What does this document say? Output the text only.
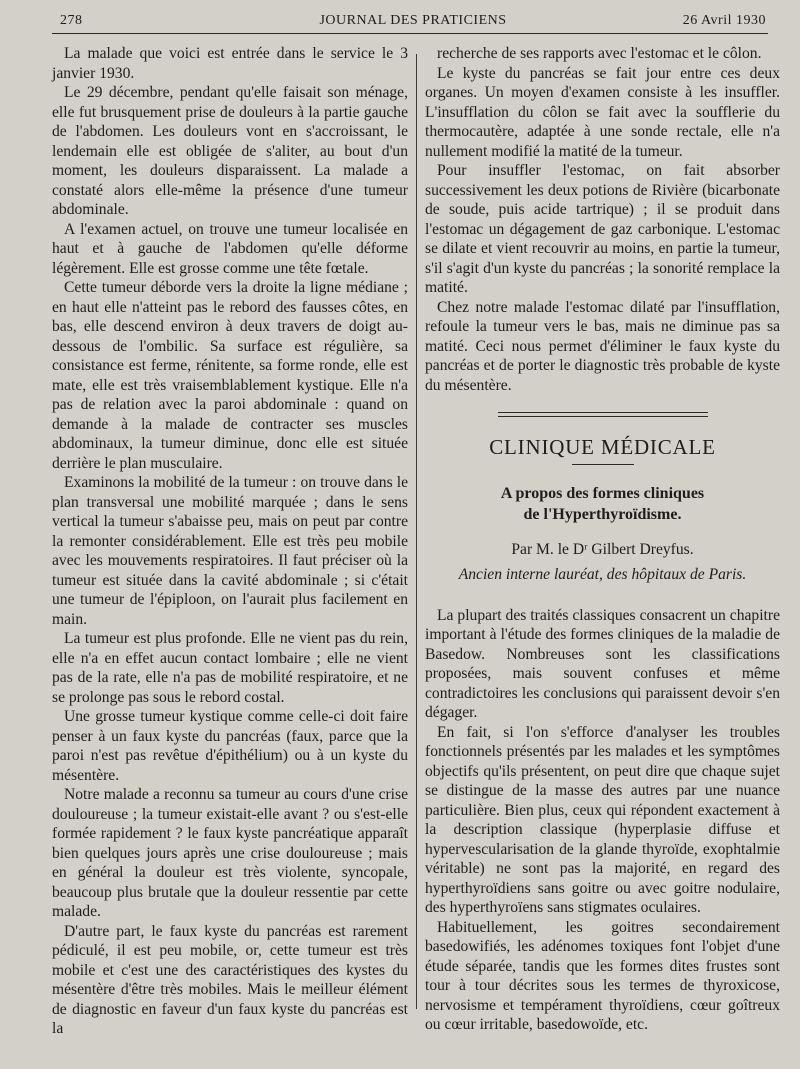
278	JOURNAL DES PRATICIENS	26 Avril 1930

La malade que voici est entrée dans le service le 3 janvier 1930.

Le 29 décembre, pendant qu'elle faisait son ménage, elle fut brusquement prise de douleurs à la partie gauche de l'abdomen. Les douleurs vont en s'accroissant, le lendemain elle est obligée de s'aliter, au bout d'un moment, les douleurs disparaissent. La malade a constaté alors elle-même la présence d'une tumeur abdominale.

A l'examen actuel, on trouve une tumeur localisée en haut et à gauche de l'abdomen qu'elle déforme légèrement. Elle est grosse comme une tête fœtale.

Cette tumeur déborde vers la droite la ligne médiane ; en haut elle n'atteint pas le rebord des fausses côtes, en bas, elle descend environ à deux travers de doigt au-dessous de l'ombilic. Sa surface est régulière, sa consistance est ferme, rénitente, sa forme ronde, elle est mate, elle est très vraisemblablement kystique. Elle n'a pas de relation avec la paroi abdominale : quand on demande à la malade de contracter ses muscles abdominaux, la tumeur diminue, donc elle est située derrière le plan musculaire.

Examinons la mobilité de la tumeur : on trouve dans le plan transversal une mobilité marquée ; dans le sens vertical la tumeur s'abaisse peu, mais on peut par contre la remonter considérablement. Elle est très peu mobile avec les mouvements respiratoires. Il faut préciser où la tumeur est située dans la cavité abdominale ; si c'était une tumeur de l'épiploon, on l'aurait plus facilement en main.

La tumeur est plus profonde. Elle ne vient pas du rein, elle n'a en effet aucun contact lombaire ; elle ne vient pas de la rate, elle n'a pas de mobilité respiratoire, et ne se prolonge pas sous le rebord costal.

Une grosse tumeur kystique comme celle-ci doit faire penser à un faux kyste du pancréas (faux, parce que la paroi n'est pas revêtue d'épithélium) ou à un kyste du mésentère.

Notre malade a reconnu sa tumeur au cours d'une crise douloureuse ; la tumeur existait-elle avant ? ou s'est-elle formée rapidement ? le faux kyste pancréatique apparaît bien quelques jours après une crise douloureuse ; mais en général la douleur est très violente, syncopale, beaucoup plus brutale que la douleur ressentie par cette malade.

D'autre part, le faux kyste du pancréas est rarement pédiculé, il est peu mobile, or, cette tumeur est très mobile et c'est une des caractéristiques des kystes du mésentère d'être très mobiles. Mais le meilleur élément de diagnostic en faveur d'un faux kyste du pancréas est la

recherche de ses rapports avec l'estomac et le côlon.

Le kyste du pancréas se fait jour entre ces deux organes. Un moyen d'examen consiste à les insuffler. L'insufflation du côlon se fait avec la soufflerie du thermocautère, adaptée à une sonde rectale, elle n'a nullement modifié la matité de la tumeur.

Pour insuffler l'estomac, on fait absorber successivement les deux potions de Rivière (bicarbonate de soude, puis acide tartrique) ; il se produit dans l'estomac un dégagement de gaz carbonique. L'estomac se dilate et vient recouvrir au moins, en partie la tumeur, s'il s'agit d'un kyste du pancréas ; la sonorité remplace la matité.

Chez notre malade l'estomac dilaté par l'insufflation, refoule la tumeur vers le bas, mais ne diminue pas sa matité. Ceci nous permet d'éliminer le faux kyste du pancréas et de porter le diagnostic très probable de kyste du mésentère.

CLINIQUE MÉDICALE
A propos des formes cliniques
de l'Hyperthyroïdisme.
Par M. le Dʳ Gilbert Dreyfus.
Ancien interne lauréat, des hôpitaux de Paris.

La plupart des traités classiques consacrent un chapitre important à l'étude des formes cliniques de la maladie de Basedow. Nombreuses sont les classifications proposées, mais souvent confuses et même contradictoires les conclusions qui paraissent devoir s'en dégager.

En fait, si l'on s'efforce d'analyser les troubles fonctionnels présentés par les malades et les symptômes objectifs qu'ils présentent, on peut dire que chaque sujet se distingue de la masse des autres par une nuance particulière. Bien plus, ceux qui répondent exactement à la description classique (hyperplasie diffuse et hypervescularisation de la glande thyroïde, exophtalmie véritable) ne sont pas la majorité, en regard des hyperthyroïdiens sans goitre ou avec goitre nodulaire, des hyperthyroïens sans stigmates oculaires.

Habituellement, les goitres secondairement basedowifiés, les adénomes toxiques font l'objet d'une étude séparée, tandis que les formes dites frustes sont tour à tour décrites sous les termes de thyroxicose, nervosisme et tempérament thyroïdiens, cœur goîtreux ou cœur irritable, basedowoïde, etc.
